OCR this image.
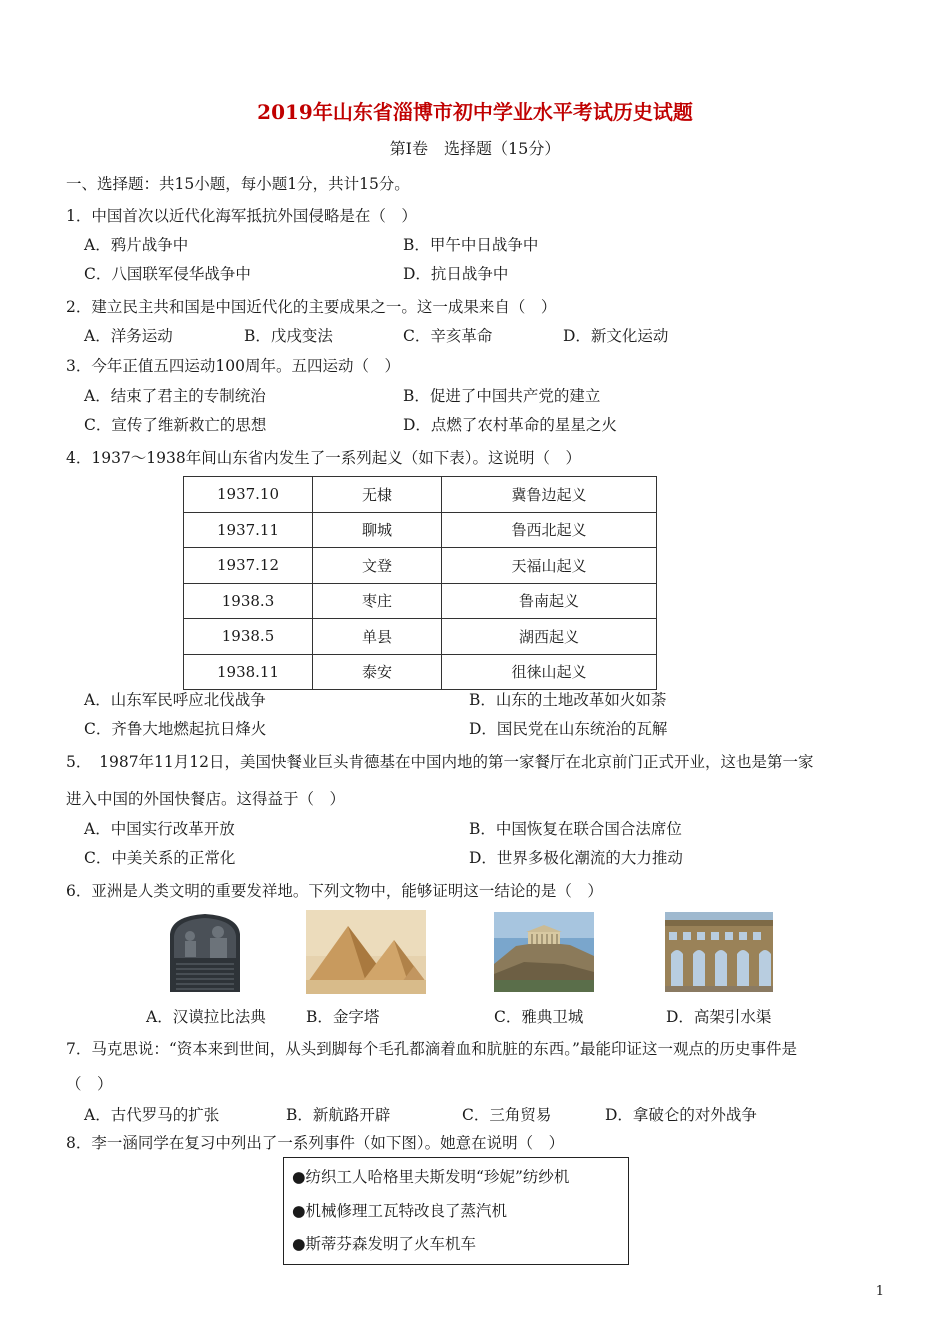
2019年山东省淄博市初中学业水平考试历史试题
第Ⅰ卷　选择题（15分）
一、选择题：共15小题，每小题1分，共计15分。
1．中国首次以近代化海军抵抗外国侵略是在（　）
A．鸦片战争中	B．甲午中日战争中
C．八国联军侵华战争中	D．抗日战争中
2．建立民主共和国是中国近代化的主要成果之一。这一成果来自（　）
A．洋务运动	B．戊戌变法	C．辛亥革命	D．新文化运动
3．今年正值五四运动100周年。五四运动（　）
A．结束了君主的专制统治	B．促进了中国共产党的建立
C．宣传了维新救亡的思想	D．点燃了农村革命的星星之火
4．1937～1938年间山东省内发生了一系列起义（如下表）。这说明（　）
1937.10	无棣	冀鲁边起义
1937.11	聊城	鲁西北起义
1937.12	文登	天福山起义
1938.3	枣庄	鲁南起义
1938.5	单县	湖西起义
1938.11	泰安	徂徕山起义
A．山东军民呼应北伐战争	B．山东的土地改革如火如荼
C．齐鲁大地燃起抗日烽火	D．国民党在山东统治的瓦解
5．　1987年11月12日，美国快餐业巨头肯德基在中国内地的第一家餐厅在北京前门正式开业，这也是第一家
进入中国的外国快餐店。这得益于（　）
A．中国实行改革开放	B．中国恢复在联合国合法席位
C．中美关系的正常化	D．世界多极化潮流的大力推动
6．亚洲是人类文明的重要发祥地。下列文物中，能够证明这一结论的是（　）
A．汉谟拉比法典	B．金字塔	C．雅典卫城	D．高架引水渠
7．马克思说：“资本来到世间，从头到脚每个毛孔都滴着血和肮脏的东西。”最能印证这一观点的历史事件是
（　）
A．古代罗马的扩张	B．新航路开辟	C．三角贸易	D．拿破仑的对外战争
8．李一涵同学在复习中列出了一系列事件（如下图）。她意在说明（　）
●纺织工人哈格里夫斯发明“珍妮”纺纱机
●机械修理工瓦特改良了蒸汽机
●斯蒂芬森发明了火车机车
1
